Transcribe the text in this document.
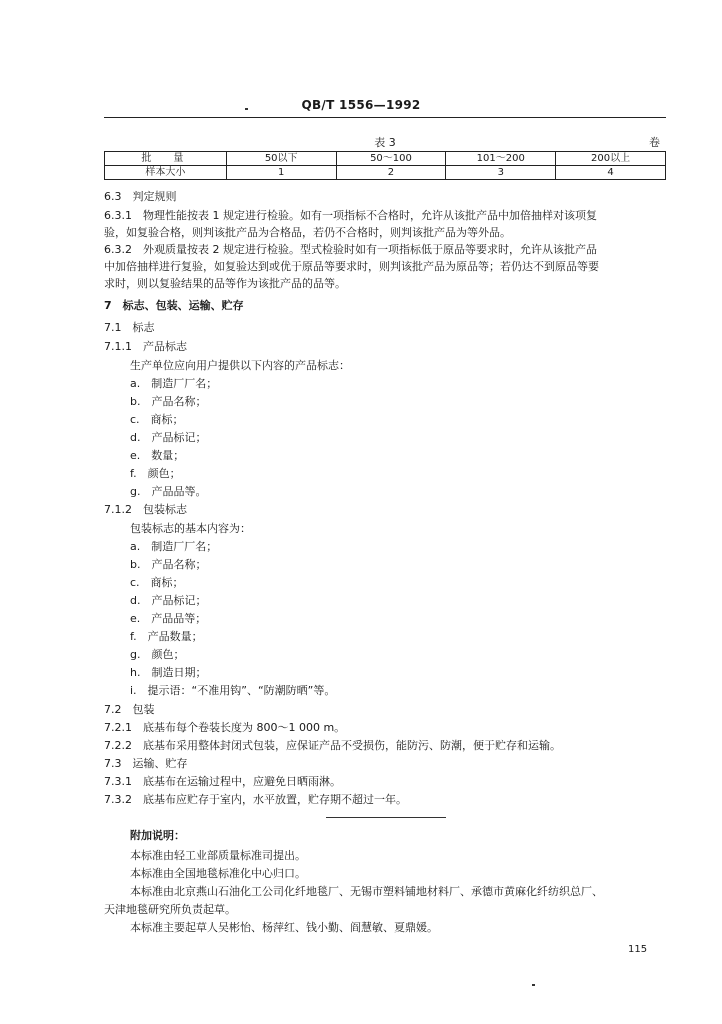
QB/T 1556—1992
表 3	卷
批　量	50以下	50～100	101～200	200以上
样本大小	1	2	3	4
6.3　判定规则
6.3.1　物理性能按表 1 规定进行检验。如有一项指标不合格时，允许从该批产品中加倍抽样对该项复
验，如复验合格，则判该批产品为合格品，若仍不合格时，则判该批产品为等外品。
6.3.2　外观质量按表 2 规定进行检验。型式检验时如有一项指标低于原品等要求时，允许从该批产品
中加倍抽样进行复验，如复验达到或优于原品等要求时，则判该批产品为原品等；若仍达不到原品等要
求时，则以复验结果的品等作为该批产品的品等。
7　标志、包装、运输、贮存
7.1　标志
7.1.1　产品标志
生产单位应向用户提供以下内容的产品标志：
a.　制造厂厂名；
b.　产品名称；
c.　商标；
d.　产品标记；
e.　数量；
f.　颜色；
g.　产品品等。
7.1.2　包装标志
包装标志的基本内容为：
a.　制造厂厂名；
b.　产品名称；
c.　商标；
d.　产品标记；
e.　产品品等；
f.　产品数量；
g.　颜色；
h.　制造日期；
i.　提示语：“不准用钩”、“防潮防晒”等。
7.2　包装
7.2.1　底基布每个卷装长度为 800～1 000 m。
7.2.2　底基布采用整体封闭式包装，应保证产品不受损伤，能防污、防潮，便于贮存和运输。
7.3　运输、贮存
7.3.1　底基布在运输过程中，应避免日晒雨淋。
7.3.2　底基布应贮存于室内，水平放置，贮存期不超过一年。
附加说明：
本标准由轻工业部质量标准司提出。
本标准由全国地毯标准化中心归口。
本标准由北京燕山石油化工公司化纤地毯厂、无锡市塑料铺地材料厂、承德市黄麻化纤纺织总厂、
天津地毯研究所负责起草。
本标准主要起草人吴彬怡、杨萍红、钱小勤、阎慧敏、夏鼎媛。
115
